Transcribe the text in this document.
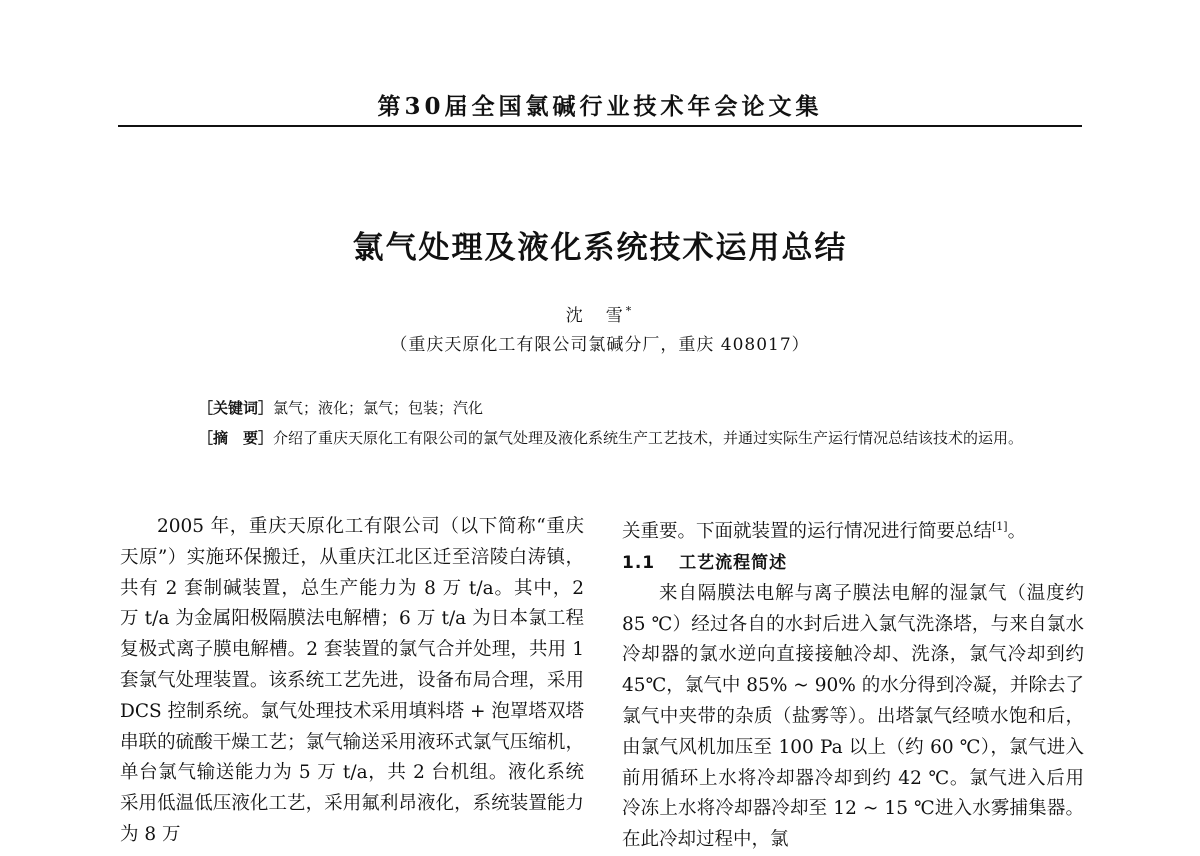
第30届全国氯碱行业技术年会论文集
氯气处理及液化系统技术运用总结
沈　雪*
（重庆天原化工有限公司氯碱分厂，重庆 408017）
［关键词］氯气；液化；氯气；包装；汽化
［摘　要］介绍了重庆天原化工有限公司的氯气处理及液化系统生产工艺技术，并通过实际生产运行情况总结该技术的运用。

2005 年，重庆天原化工有限公司（以下简称“重庆天原”）实施环保搬迁，从重庆江北区迁至涪陵白涛镇，共有 2 套制碱装置，总生产能力为 8 万 t/a。其中，2 万 t/a 为金属阳极隔膜法电解槽；6 万 t/a 为日本氯工程复极式离子膜电解槽。2 套装置的氯气合并处理，共用 1 套氯气处理装置。该系统工艺先进，设备布局合理，采用 DCS 控制系统。氯气处理技术采用填料塔 + 泡罩塔双塔串联的硫酸干燥工艺；氯气输送采用液环式氯气压缩机，单台氯气输送能力为 5 万 t/a，共 2 台机组。液化系统采用低温低压液化工艺，采用氟利昂液化，系统装置能力为 8 万

关重要。下面就装置的运行情况进行简要总结[1]。

1.1 工艺流程简述

来自隔膜法电解与离子膜法电解的湿氯气（温度约 85 ℃）经过各自的水封后进入氯气洗涤塔，与来自氯水冷却器的氯水逆向直接接触冷却、洗涤，氯气冷却到约 45℃，氯气中 85% ~ 90% 的水分得到冷凝，并除去了氯气中夹带的杂质（盐雾等）。出塔氯气经喷水饱和后，由氯气风机加压至 100 Pa 以上（约 60 ℃），氯气进入前用循环上水将冷却器冷却到约 42 ℃。氯气进入后用冷冻上水将冷却器冷却至 12 ~ 15 ℃进入水雾捕集器。在此冷却过程中，氯
